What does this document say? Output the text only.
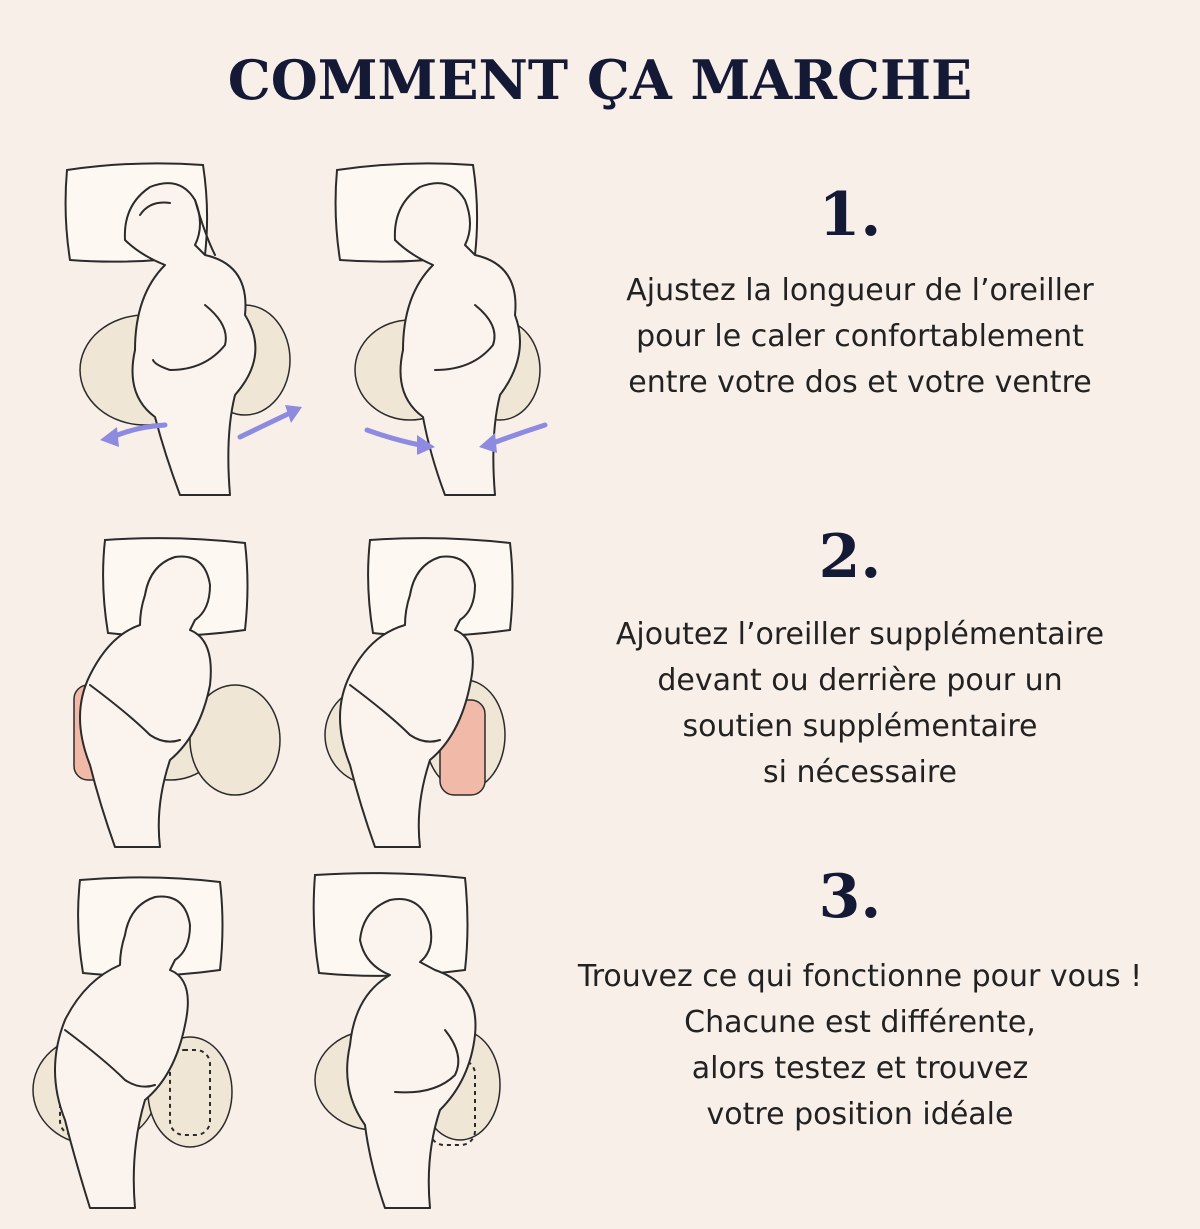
COMMENT ÇA MARCHE
1.
Ajustez la longueur de l’oreiller
pour le caler confortablement
entre votre dos et votre ventre
2.
Ajoutez l’oreiller supplémentaire
devant ou derrière pour un
soutien supplémentaire
si nécessaire
3.
Trouvez ce qui fonctionne pour vous !
Chacune est différente,
alors testez et trouvez
votre position idéale
